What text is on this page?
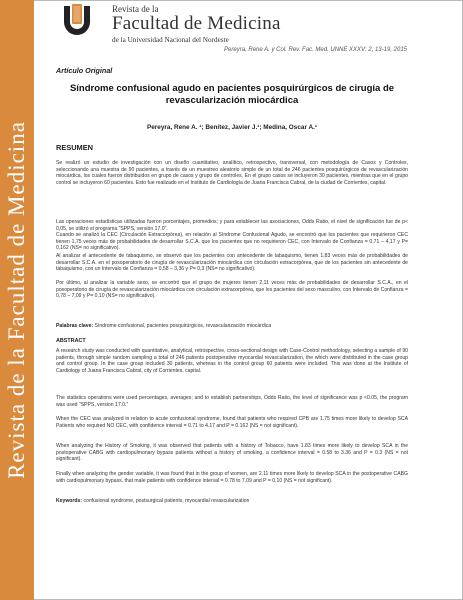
Revista de la Facultad de Medicina
Revista de la
Facultad de Medicina
de la Universidad Nacional del Nordeste
Pereyra, Rene A. y Col. Rev. Fac. Med. UNNE XXXV: 2, 13-19, 2015
Artículo Original
Síndrome confusional agudo en pacientes posquirúrgicos de cirugía de revascularización miocárdica
Pereyra, Rene A. ¹; Benítez, Javier J.¹; Medina, Oscar A.¹
RESUMEN

Se realizó un estudio de investigación con un diseño cuantitativo, analítico, retrospectivo, transversal, con metodología de Casos y Controles, seleccionando una muestra de 90 pacientes, a través de un muestreo aleatorio simple de un total de 246 pacientes posquirúrgicos de revascularización miocárdica, los cuales fueron distribuidos en grupo de casos y grupo de controles. En el grupo casos se incluyeron 30 pacientes, mientras que en el grupo control se incluyeron 60 pacientes. Esto fue realizado en el Instituto de Cardiología de Juana Francisca Cabral, de la ciudad de Corrientes, capital.

Las operaciones estadísticas utilizadas fueron porcentajes, promedios; y para establecer las asociaciones, Odds Ratio, el nivel de significación fue de p< 0,05, se utilizó el programa "SPPS, versión 17.0".

Cuando se analizó la CEC (Circulación Extracorpórea), en relación al Síndrome Confusional Agudo, se encontró que los pacientes que requirieron CEC tienen 1,75 veces más de probabilidades de desarrollar S.C.A. que los pacientes que no requirieron CEC, con Intervalo de Confianza = 0,71 – 4,17 y P= 0,162 (NS= no significativo).

Al analizar el antecedente de tabaquismo, se observó que los pacientes con antecedente de tabaquismo, tienen 1,83 veces más de probabilidades de desarrollar S.C.A. en el posoperatorio de cirugía de revascularización miocárdica con circulación extracorpórea, que de los pacientes sin antecedente de tabaquismo, con un Intervalo de Confianza = 0,58 – 3,36 y P= 0,3 (NS= no significativo).

Por último, al analizar la variable sexo, se encontró que el grupo de mujeres tienen 2,11 veces más de probabilidades de desarrollar S.C.A., en el posoperatorio de cirugía de revascularización miocárdica con circulación extracorpórea, que los pacientes del sexo masculino, con Intervalo de Confianza = 0,78 – 7,09 y P= 0,10 (NS= no significativo).

Palabras clave: Síndrome confusional, pacientes posquirúrgicos, revascularización miocárdica
ABSTRACT

A research study was conducted with quantitative, analytical, retrospective, cross-sectional design with Case-Control methodology, selecting a sample of 90 patients, through simple random sampling a total of 246 patients postoperative myocardial revascularization, the which were distributed in the case group and control group. In the case group included 30 patients, whereas in the control group 60 patients were included. This was done at the Institute of Cardiology of Juana Francisca Cabral, city of Corrientes, capital.

The statistics operations were used percentages, averages; and to establish partnerships, Odds Ratio, the level of significance was p <0.05, the program was used "SPPS, version 17.0."

When the CEC was analyzed in relation to acute confusional syndrome, found that patients who required CPB are 1.75 times more likely to develop SCA Patients who required NO CEC, with confidence interval = 0.71 to 4.17 and P = 0.162 (NS = not significant).

When analyzing the History of Smoking, it was observed that patients with a history of Tobacco, have 1.83 times more likely to develop SCA in the postoperative CABG with cardiopulmonary bypass patients without a history of smoking, a confidence interval = 0.58 to 3.36 and P = 0.3 (NS = not significant).

Finally when analyzing the gender variable, it was found that in the group of women, are 2.11 times more likely to develop SCA in the postoperative CABG with cardiopulmonary bypass, that male patients with confidence interval = 0.78 to 7.09 and P = 0.10 (NS = not significant).

Keywords: confusional syndrome, postsurgical patients, myocardial revascularization
